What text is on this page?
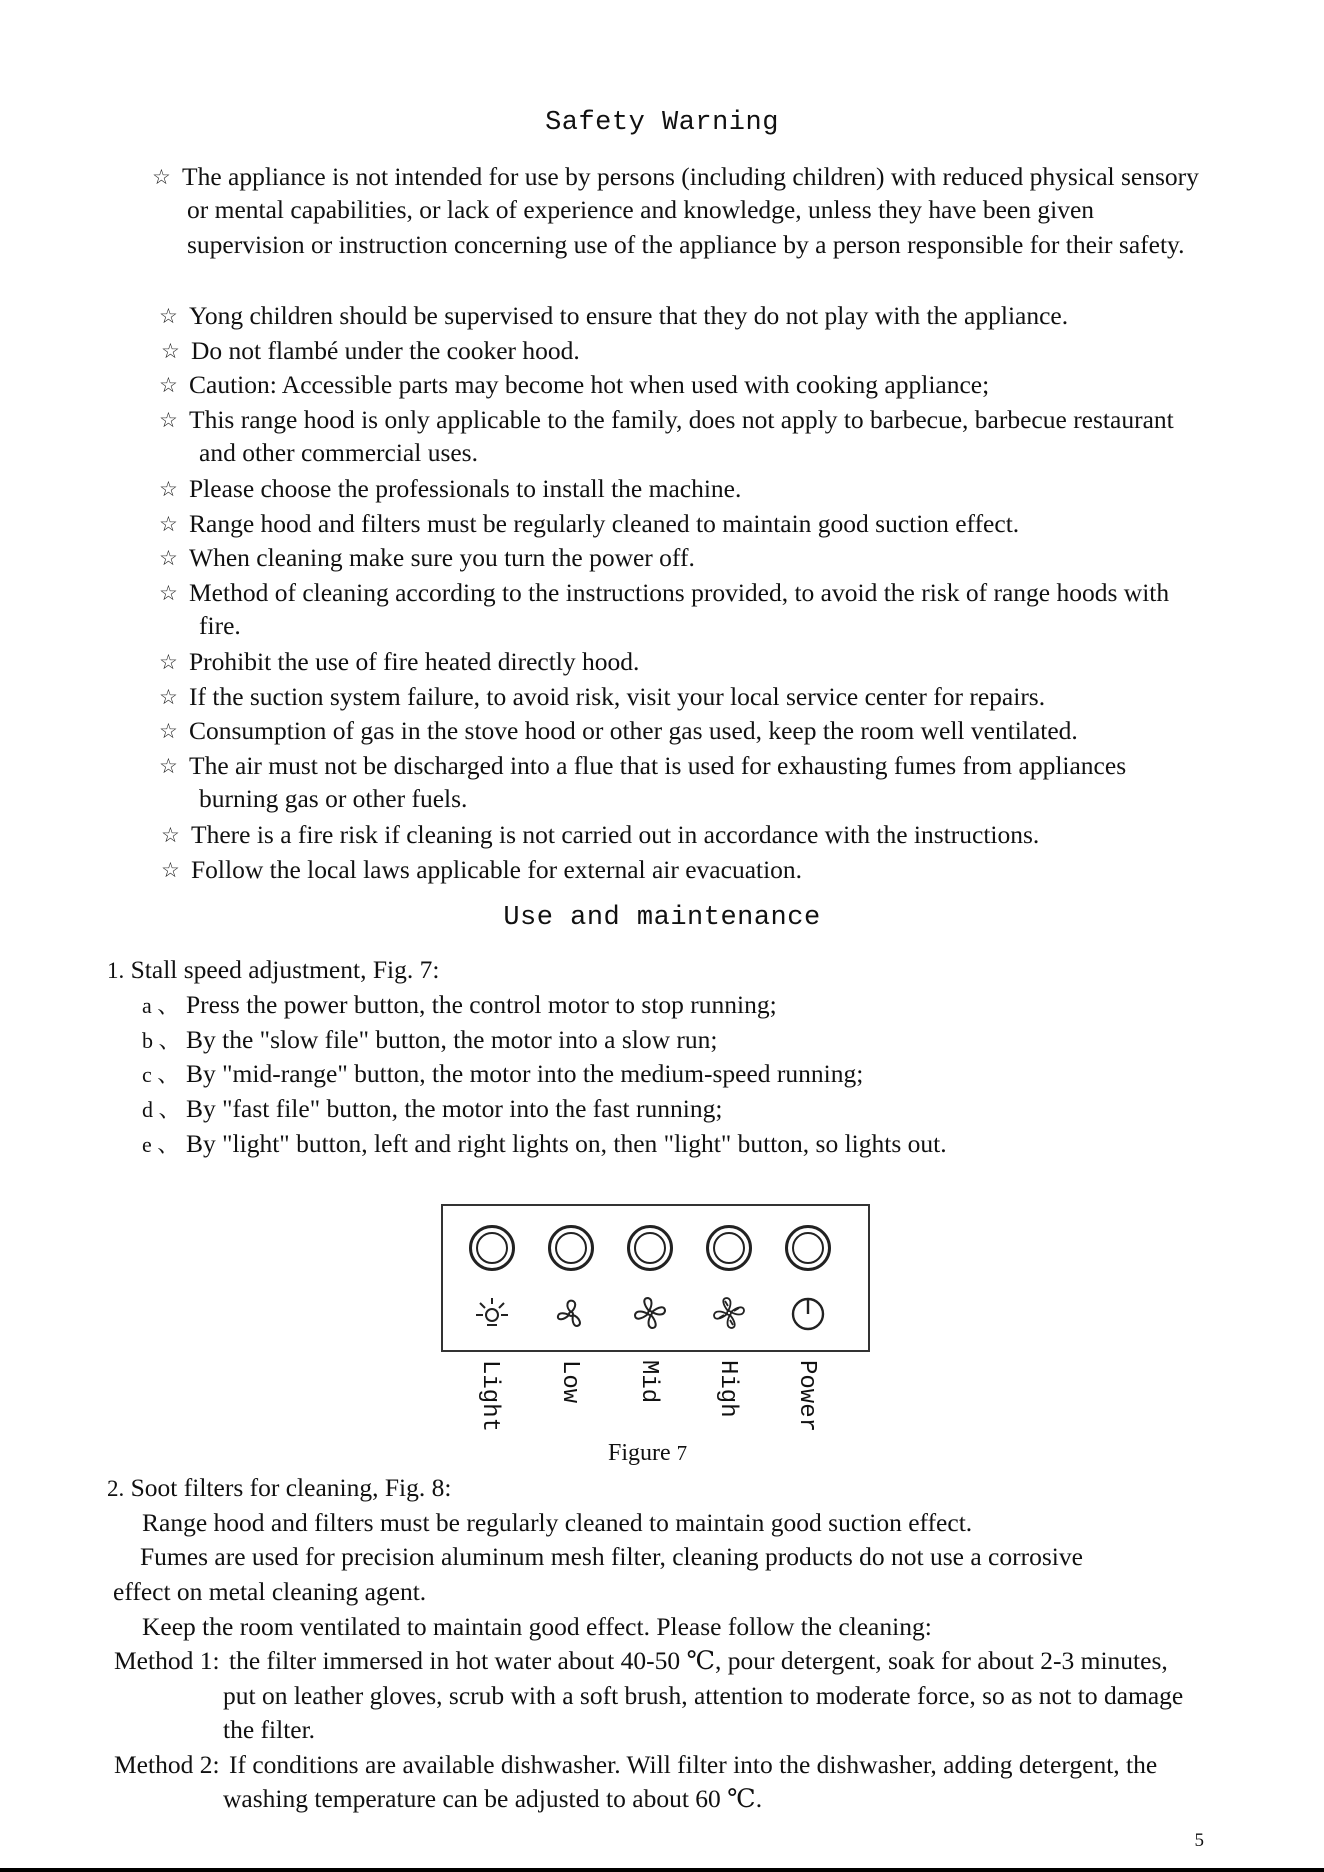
Safety Warning
☆ The appliance is not intended for use by persons (including children) with reduced physical sensory
or mental capabilities, or lack of experience and knowledge, unless they have been given
supervision or instruction concerning use of the appliance by a person responsible for their safety.
☆ Yong children should be supervised to ensure that they do not play with the appliance.
☆ Do not flambé under the cooker hood.
☆ Caution: Accessible parts may become hot when used with cooking appliance;
☆ This range hood is only applicable to the family, does not apply to barbecue, barbecue restaurant
and other commercial uses.
☆ Please choose the professionals to install the machine.
☆ Range hood and filters must be regularly cleaned to maintain good suction effect.
☆ When cleaning make sure you turn the power off.
☆ Method of cleaning according to the instructions provided, to avoid the risk of range hoods with
fire.
☆ Prohibit the use of fire heated directly hood.
☆ If the suction system failure, to avoid risk, visit your local service center for repairs.
☆ Consumption of gas in the stove hood or other gas used, keep the room well ventilated.
☆ The air must not be discharged into a flue that is used for exhausting fumes from appliances
burning gas or other fuels.
☆ There is a fire risk if cleaning is not carried out in accordance with the instructions.
☆ Follow the local laws applicable for external air evacuation.
Use and maintenance
1. Stall speed adjustment, Fig. 7:
a 、 Press the power button, the control motor to stop running;
b 、 By the "slow file" button, the motor into a slow run;
c 、 By "mid-range" button, the motor into the medium-speed running;
d 、 By "fast file" button, the motor into the fast running;
e 、 By "light" button, left and right lights on, then "light" button, so lights out.
Light Low Mid High Power
Figure 7
2. Soot filters for cleaning, Fig. 8:
Range hood and filters must be regularly cleaned to maintain good suction effect.
Fumes are used for precision aluminum mesh filter, cleaning products do not use a corrosive
effect on metal cleaning agent.
Keep the room ventilated to maintain good effect. Please follow the cleaning:
Method 1: the filter immersed in hot water about 40-50 ℃, pour detergent, soak for about 2-3 minutes,
put on leather gloves, scrub with a soft brush, attention to moderate force, so as not to damage
the filter.
Method 2: If conditions are available dishwasher. Will filter into the dishwasher, adding detergent, the
washing temperature can be adjusted to about 60 ℃.
5
